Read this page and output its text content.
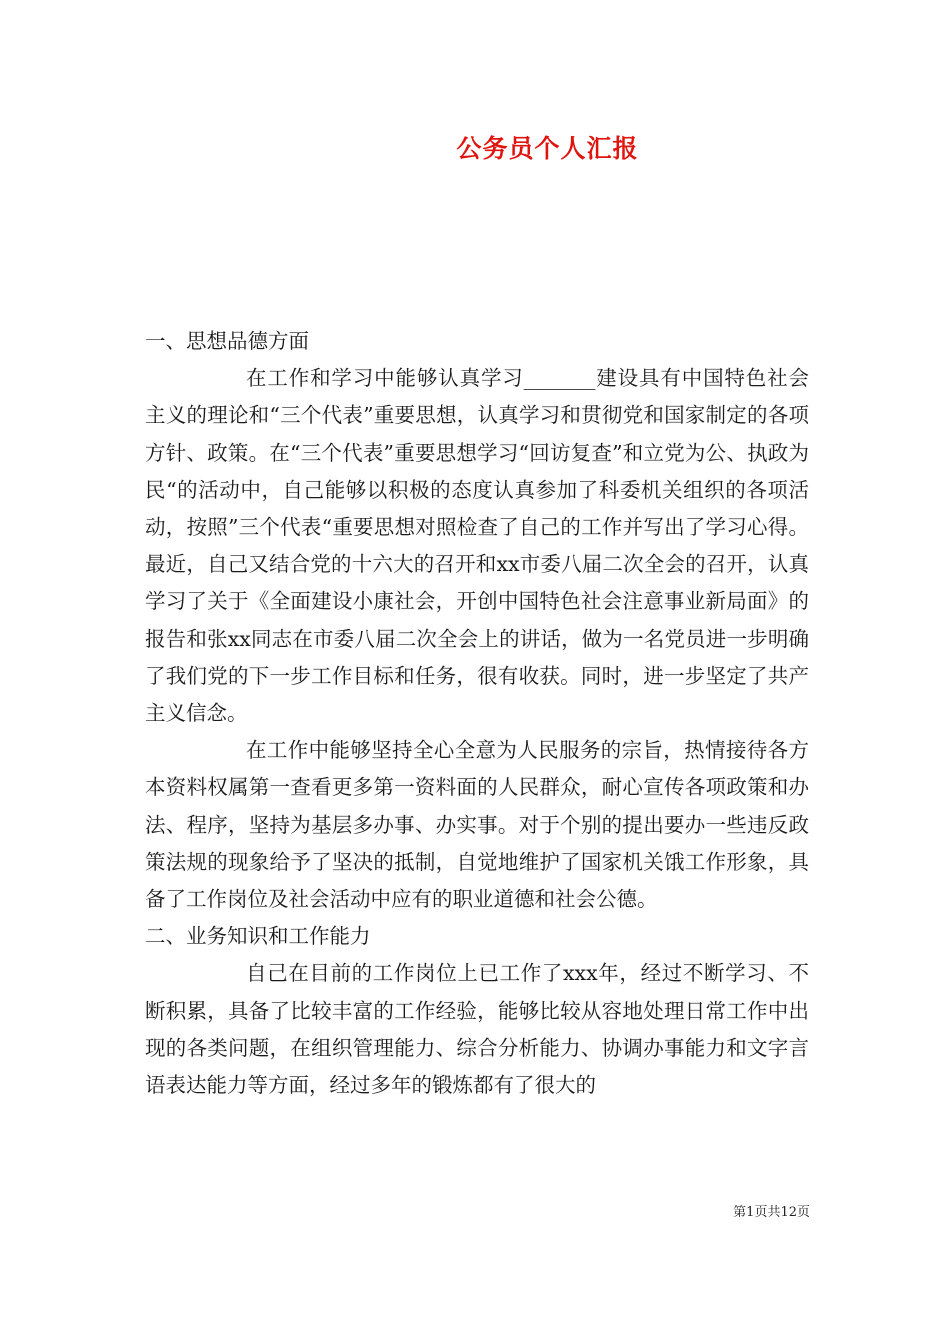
公务员个人汇报

一、思想品德方面

在工作和学习中能够认真学习_______建设具有中国特色社会主义的理论和“三个代表”重要思想，认真学习和贯彻党和国家制定的各项方针、政策。在“三个代表”重要思想学习“回访复查”和立党为公、执政为民“的活动中，自己能够以积极的态度认真参加了科委机关组织的各项活动，按照”三个代表“重要思想对照检查了自己的工作并写出了学习心得。最近，自己又结合党的十六大的召开和xx市委八届二次全会的召开，认真学习了关于《全面建设小康社会，开创中国特色社会注意事业新局面》的报告和张xx同志在市委八届二次全会上的讲话，做为一名党员进一步明确了我们党的下一步工作目标和任务，很有收获。同时，进一步坚定了共产主义信念。

在工作中能够坚持全心全意为人民服务的宗旨，热情接待各方本资料权属第一查看更多第一资料面的人民群众，耐心宣传各项政策和办法、程序，坚持为基层多办事、办实事。对于个别的提出要办一些违反政策法规的现象给予了坚决的抵制，自觉地维护了国家机关饿工作形象，具备了工作岗位及社会活动中应有的职业道德和社会公德。

二、业务知识和工作能力

自己在目前的工作岗位上已工作了xxx年，经过不断学习、不断积累，具备了比较丰富的工作经验，能够比较从容地处理日常工作中出现的各类问题，在组织管理能力、综合分析能力、协调办事能力和文字言语表达能力等方面，经过多年的锻炼都有了很大的

第1页共12页
